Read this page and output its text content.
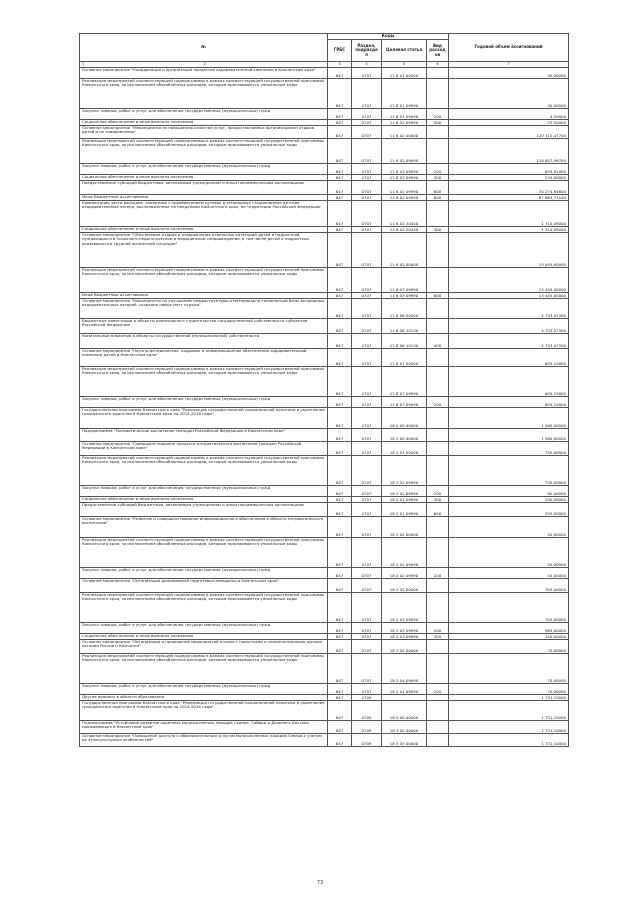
№	Коды				Годовой объем ассигнований
	ГРБС	Раздел, подраздел	Целевая статья	Вид расходов	

1 2	3	4	5	6	7
Основное мероприятие "Координация и организация процессов оздоровительной кампании в Камчатском крае"	847	0707	11 6 01 00000		30,00000
Реализация мероприятий соответствующей подпрограммы в рамках соответствующей государственной программы Камчатского края, за исключением обособленных расходов, которым присваиваются уникальные коды	847	0707	11 6 01 09990		30,00000
Закупка товаров, работ и услуг для обеспечения государственных (муниципальных) нужд	847	0707	11 6 01 09990	200	4,50000
Социальное обеспечение и иные выплаты населению	847	0707	11 6 01 09990	300	25,50000
Основное мероприятие "Мероприятия по повышению качества услуг, предоставляемых организациями отдыха детей и их оздоровления"	847	0707	11 6 02 00000		120 112,47700
Реализация мероприятий соответствующей подпрограммы в рамках соответствующей государственной программы Камчатского края, за исключением обособленных расходов, которым присваиваются уникальные коды	847	0707	11 6 02 09990		118 807,56700
Закупка товаров, работ и услуг для обеспечения государственных (муниципальных) нужд	847	0707	11 6 02 09990	200	629,81000
Социальное обеспечение и иные выплаты населению	847	0707	11 6 02 09990	300	234,00000
Предоставление субсидий бюджетным, автономным учреждениям и иным некоммерческим организациям	847	0707	11 6 02 09990	600	30 274,84600
Иные бюджетные ассигнования	847	0707	11 6 02 09990	800	87 663,73100
Компенсация части расходов, связанных с приобретением путевок в загородные стационарные детские оздоровительные лагеря, расположенные на пределами Камчатского края, на территории Российской Федерации	847	0707	11 6 02 20440		1 310,09000
Социальное обеспечение и иные выплаты населению	847	0707	11 6 02 20440	300	1 310,09000
Основное мероприятие "Обеспечение отдыха и оздоровления отдельных категорий детей и подростков, нуждающихся в психолого-педагогическом и медицинском сопровождении, в том числе детей и подростков, оказавшихся в трудной жизненной ситуации"	847	0707	11 6 03 00000		13 445,00000
Реализация мероприятий соответствующей подпрограммы в рамках соответствующей государственной программы Камчатского края, за исключением обособленных расходов, которым присваиваются уникальные коды	847	0707	11 6 03 09990		13 445,00000
Иные бюджетные ассигнования	847	0707	11 6 03 09990	800	13 445,00000
Основное мероприятие "Мероприятия по улучшению инфраструктуры и материально-технической базы загородных оздоровительных лагерей, создание новых мест отдыха"	847	0707	11 6 06 00000		4 733,07300
Бюджетные инвестиции в объекты капитального строительства государственной собственности субъектов Российской Федерации	847	0707	11 6 06 10130		4 733,07300
Капитальные вложения в объекты государственной (муниципальной) собственности	847	0707	11 6 06 10130	400	4 733,07300
Основное мероприятие "Научно-методическое, кадровое и информационное обеспечение оздоровительной кампании детей в Камчатском крае"	847	0707	11 6 07 00000		605,10000
Реализация мероприятий соответствующей подпрограммы в рамках соответствующей государственной программы Камчатского края, за исключением обособленных расходов, которым присваиваются уникальные коды	847	0707	11 6 07 09990		605,10000
Закупка товаров, работ и услуг для обеспечения государственных (муниципальных) нужд	847	0707	11 6 07 09990	200	605,10000
Государственная программа Камчатского края "Реализация государственной национальной политики и укрепление гражданского единства в Камчатском крае на 2014-2018 годы"	847	0707	18 0 00 00000		1 560,00000
Подпрограмма "Патриотическое воспитание граждан Российской Федерации в Камчатском крае"	847	0707	18 2 00 00000		1 560,00000
Основное мероприятие "Совершенствование процесса патриотического воспитания граждан Российской Федерации в Камчатском крае"	847	0707	18 2 01 00000		735,00000
Реализация мероприятий соответствующей подпрограммы в рамках соответствующей государственной программы Камчатского края, за исключением обособленных расходов, которым присваиваются уникальные коды	847	0707	18 2 01 09990		735,00000
Закупка товаров, работ и услуг для обеспечения государственных (муниципальных) нужд	847	0707	18 2 01 09990	200	80,00000
Социальное обеспечение и иные выплаты населению	847	0707	18 2 01 09990	300	100,00000
Предоставление субсидий бюджетным, автономным учреждениям и иным некоммерческим организациям	847	0707	18 2 01 09990	600	555,00000
Основное мероприятие "Развитие и совершенствование информационного обеспечения в области патриотического воспитания"	847	0707	18 2 02 00000		50,00000
Реализация мероприятий соответствующей подпрограммы в рамках соответствующей государственной программы Камчатского края, за исключением обособленных расходов, которым присваиваются уникальные коды	847	0707	18 2 02 09990		50,00000
Закупка товаров, работ и услуг для обеспечения государственных (муниципальных) нужд	847	0707	18 2 02 09990	200	50,00000
Основное мероприятие "Организация допризывной подготовки молодежи в Камчатском крае"	847	0707	18 2 03 00000		705,00000
Реализация мероприятий соответствующей подпрограммы в рамках соответствующей государственной программы Камчатского края, за исключением обособленных расходов, которым присваиваются уникальные коды	847	0707	18 2 03 09990		705,00000
Закупка товаров, работ и услуг для обеспечения государственных (муниципальных) нужд	847	0707	18 2 03 09990	200	565,00000
Социальное обеспечение и иные выплаты населению	847	0707	18 2 03 09990	300	140,00000
Основное мероприятие "Организация и проведение мероприятий в связи с памятными и знаменательными датами истории России и Камчатки"	847	0707	18 2 04 00000		70,00000
Реализация мероприятий соответствующей подпрограммы в рамках соответствующей государственной программы Камчатского края, за исключением обособленных расходов, которым присваиваются уникальные коды	847	0707	18 2 04 09990		70,00000
Закупка товаров, работ и услуг для обеспечения государственных (муниципальных) нужд	847	0707	18 2 04 09990	200	70,00000
Другие вопросы в области образования	847	0709			1 731,10000
Государственная программа Камчатского края "Реализация государственной национальной политики и укрепление гражданского единства в Камчатском крае на 2014-2018 годы"	847	0709	18 0 00 00000		1 731,10000
Подпрограмма "Устойчивое развитие коренных малочисленных народов Севера, Сибири и Дальнего Востока, проживающих в Камчатском крае"	847	0709	18 3 00 00000		1 731,10000
Основное мероприятие "Повышение доступа к образовательным услугам малочисленных народов Севера с учетом их этнокультурных особенностей"	847	0709	18 3 03 00000		1 731,10000
73
